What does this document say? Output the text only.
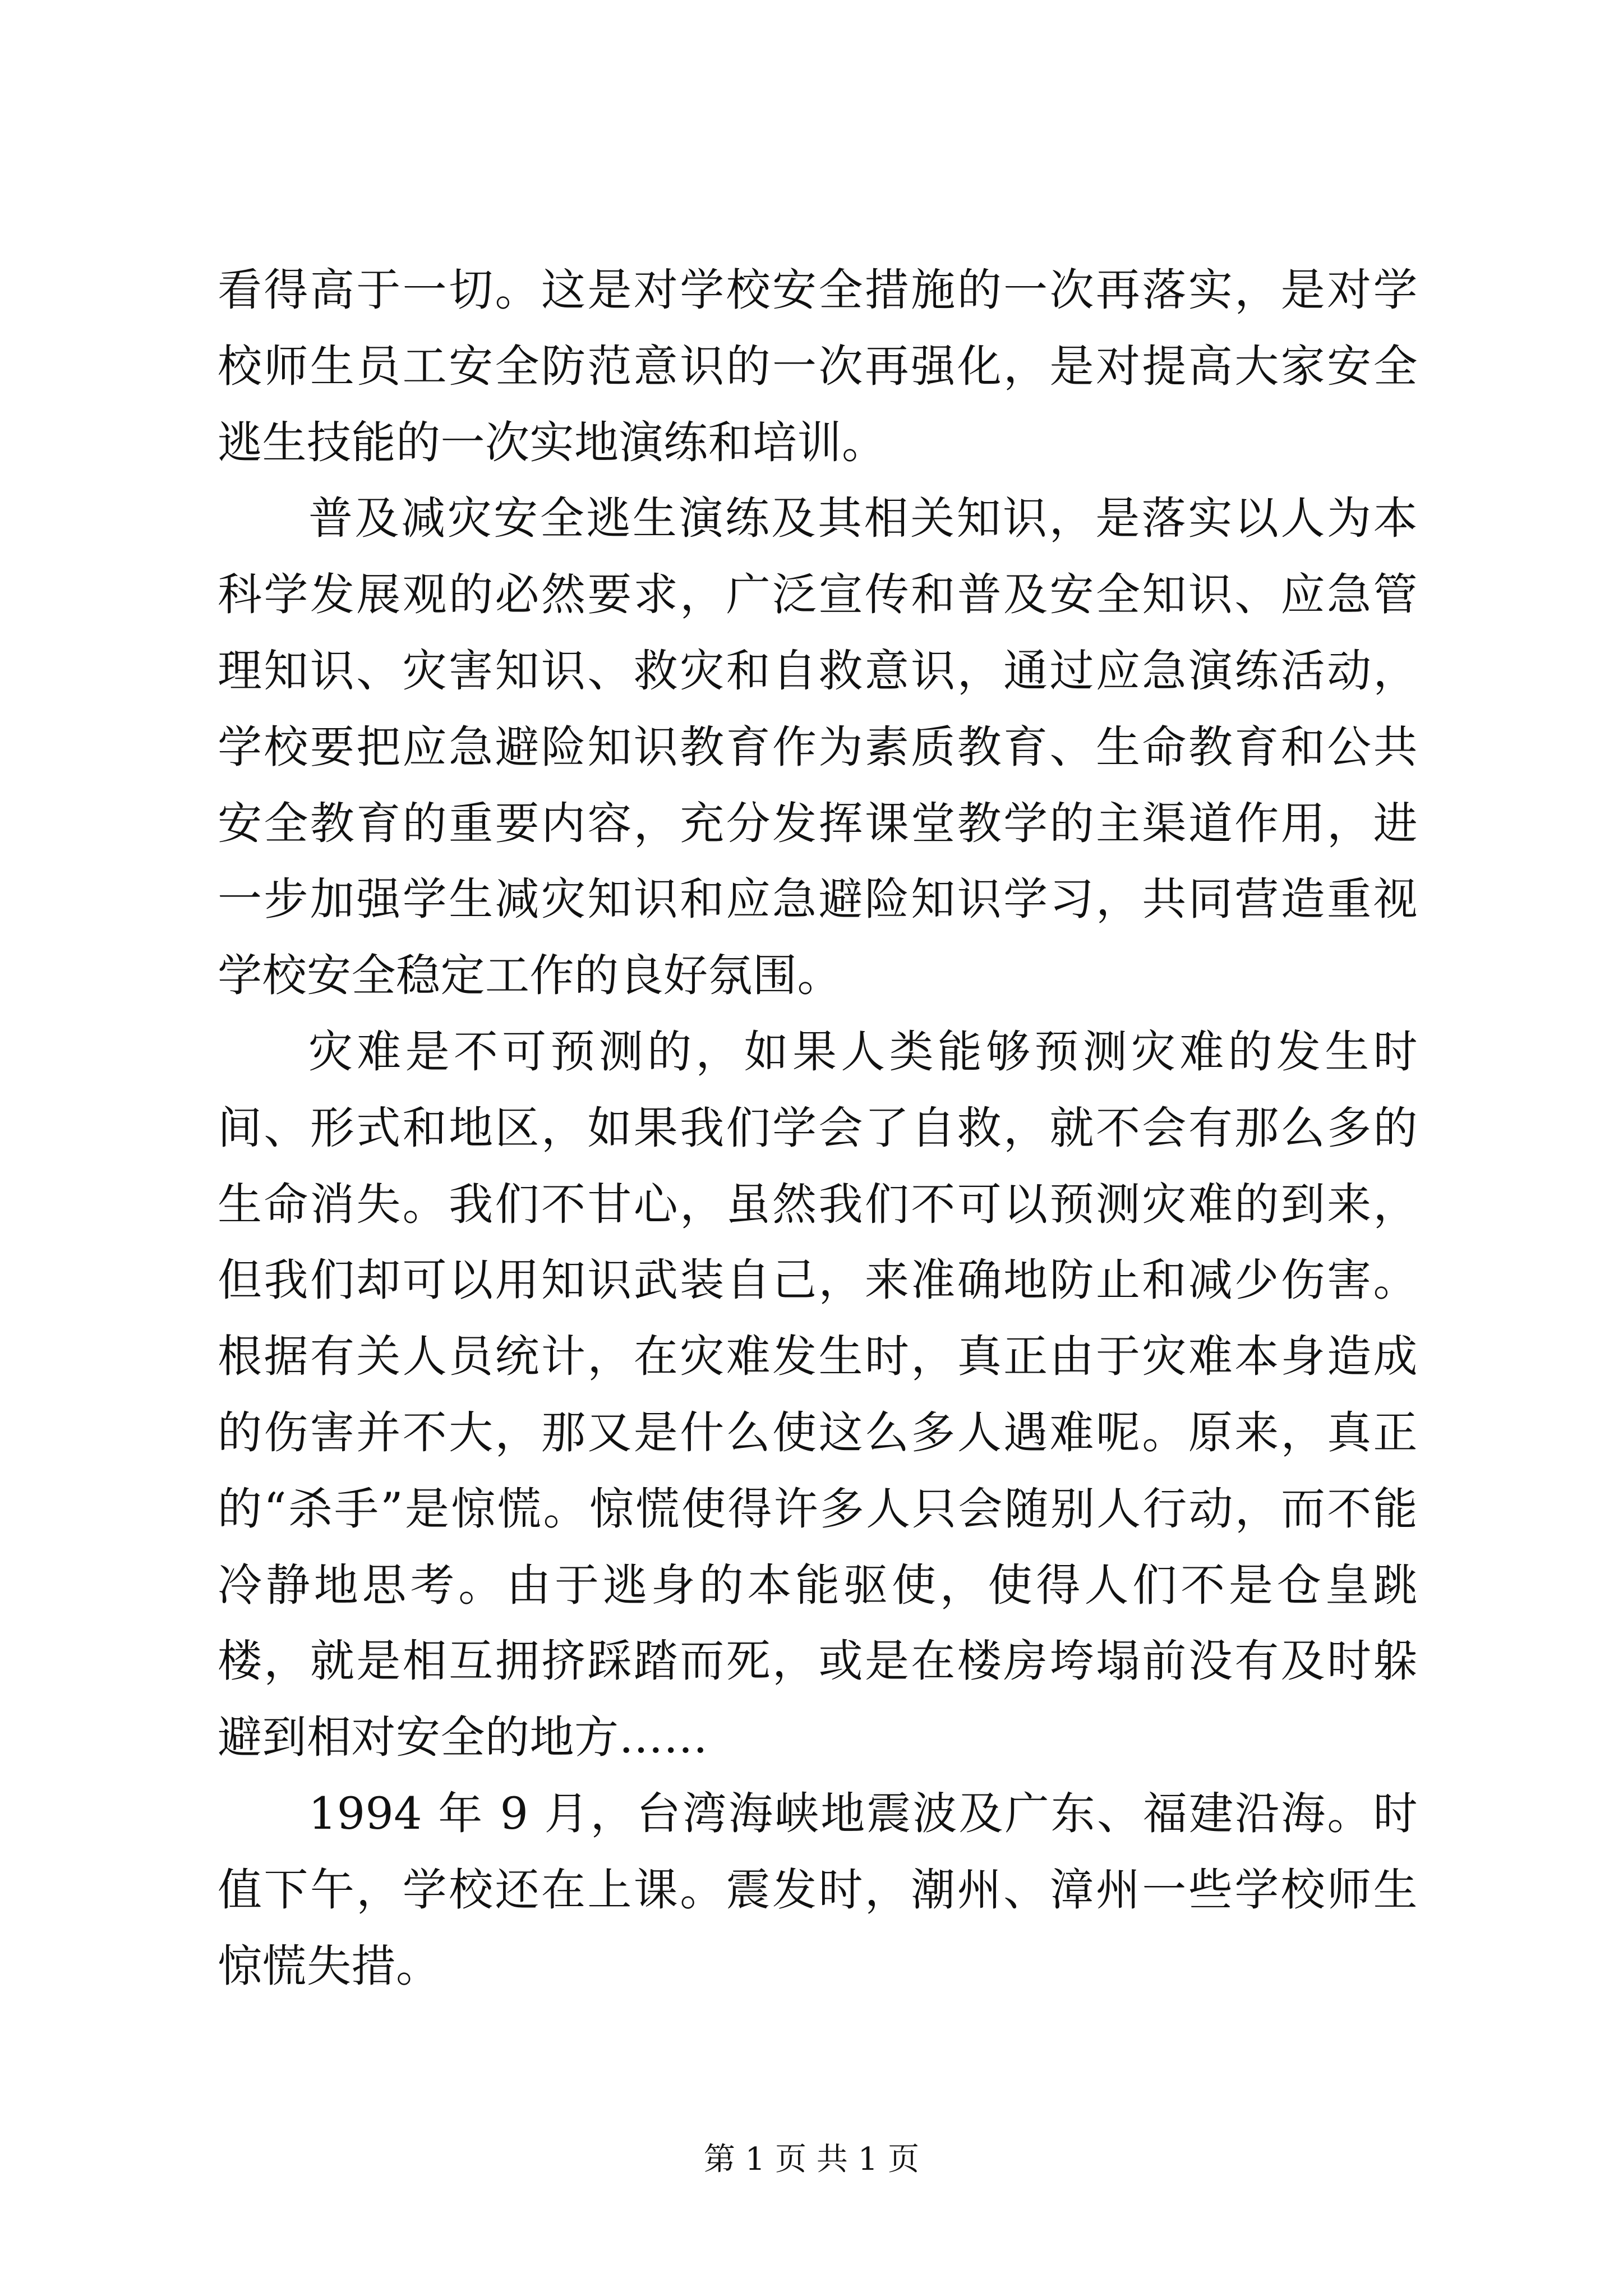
看得高于一切。这是对学校安全措施的一次再落实，是对学校师生员工安全防范意识的一次再强化，是对提高大家安全逃生技能的一次实地演练和培训。

普及减灾安全逃生演练及其相关知识，是落实以人为本科学发展观的必然要求，广泛宣传和普及安全知识、应急管理知识、灾害知识、救灾和自救意识，通过应急演练活动，学校要把应急避险知识教育作为素质教育、生命教育和公共安全教育的重要内容，充分发挥课堂教学的主渠道作用，进一步加强学生减灾知识和应急避险知识学习，共同营造重视学校安全稳定工作的良好氛围。

灾难是不可预测的，如果人类能够预测灾难的发生时间、形式和地区，如果我们学会了自救，就不会有那么多的生命消失。我们不甘心，虽然我们不可以预测灾难的到来，但我们却可以用知识武装自己，来准确地防止和减少伤害。根据有关人员统计，在灾难发生时，真正由于灾难本身造成的伤害并不大，那又是什么使这么多人遇难呢。原来，真正的“杀手”是惊慌。惊慌使得许多人只会随别人行动，而不能冷静地思考。由于逃身的本能驱使，使得人们不是仓皇跳楼，就是相互拥挤踩踏而死，或是在楼房垮塌前没有及时躲避到相对安全的地方……

1994 年 9 月，台湾海峡地震波及广东、福建沿海。时值下午，学校还在上课。震发时，潮州、漳州一些学校师生惊慌失措。

第 1 页 共 1 页
